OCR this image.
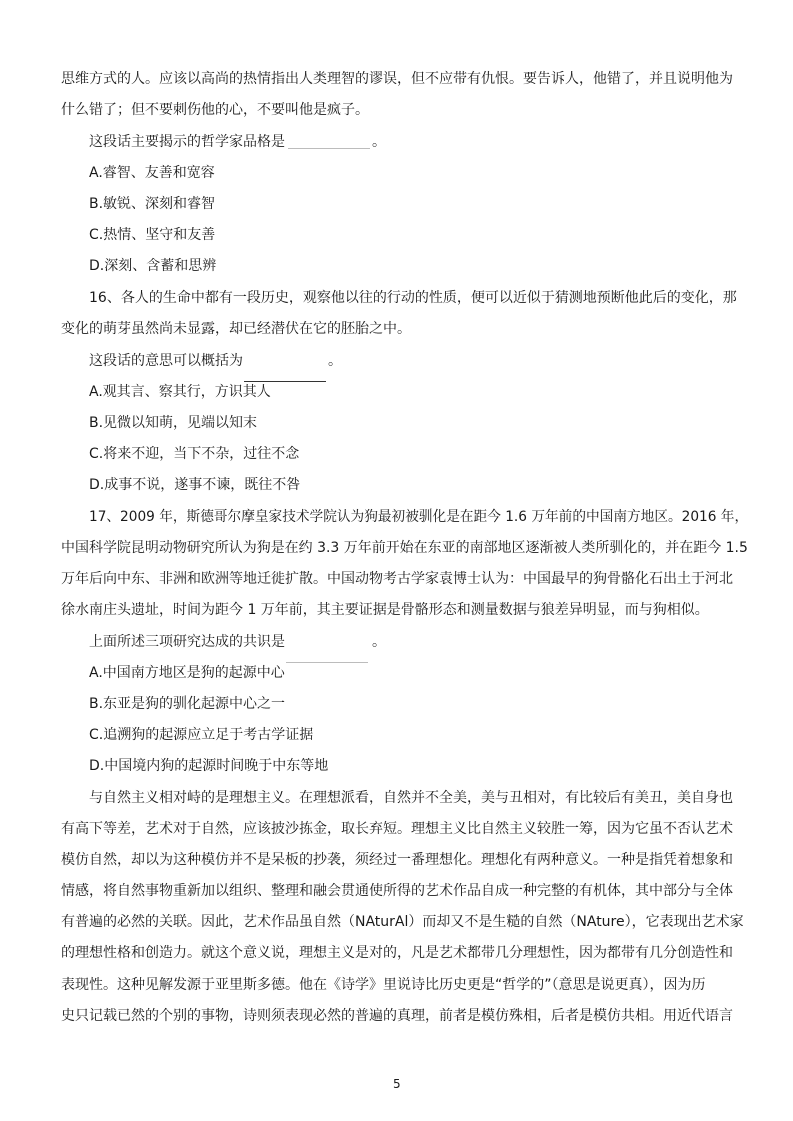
思维方式的人。应该以高尚的热情指出人类理智的谬误，但不应带有仇恨。要告诉人，他错了，并且说明他为
什么错了；但不要刺伤他的心，不要叫他是疯子。
这段话主要揭示的哲学家品格是	。
A.睿智、友善和宽容
B.敏锐、深刻和睿智
C.热情、坚守和友善
D.深刻、含蓄和思辨
16、各人的生命中都有一段历史，观察他以往的行动的性质，便可以近似于猜测地预断他此后的变化，那
变化的萌芽虽然尚未显露，却已经潜伏在它的胚胎之中。
这段话的意思可以概括为	。
A.观其言、察其行，方识其人
B.见微以知萌，见端以知末
C.将来不迎，当下不杂，过往不念
D.成事不说，遂事不谏，既往不咎
17、2009 年，斯德哥尔摩皇家技术学院认为狗最初被驯化是在距今 1.6 万年前的中国南方地区。2016 年，
中国科学院昆明动物研究所认为狗是在约 3.3 万年前开始在东亚的南部地区逐渐被人类所驯化的，并在距今 1.5
万年后向中东、非洲和欧洲等地迁徙扩散。中国动物考古学家袁博士认为：中国最早的狗骨骼化石出土于河北
徐水南庄头遗址，时间为距今 1 万年前，其主要证据是骨骼形态和测量数据与狼差异明显，而与狗相似。
上面所述三项研究达成的共识是	。
A.中国南方地区是狗的起源中心
B.东亚是狗的驯化起源中心之一
C.追溯狗的起源应立足于考古学证据
D.中国境内狗的起源时间晚于中东等地
与自然主义相对峙的是理想主义。在理想派看，自然并不全美，美与丑相对，有比较后有美丑，美自身也
有高下等差，艺术对于自然，应该披沙拣金，取长弃短。理想主义比自然主义较胜一筹，因为它虽不否认艺术
模仿自然，却以为这种模仿并不是呆板的抄袭，须经过一番理想化。理想化有两种意义。一种是指凭着想象和
情感，将自然事物重新加以组织、整理和融会贯通使所得的艺术作品自成一种完整的有机体，其中部分与全体
有普遍的必然的关联。因此，艺术作品虽自然（NAturAl）而却又不是生糙的自然（NAture），它表现出艺术家
的理想性格和创造力。就这个意义说，理想主义是对的，凡是艺术都带几分理想性，因为都带有几分创造性和
表现性。这种见解发源于亚里斯多德。他在《诗学》里说诗比历史更是“哲学的”（意思是说更真），因为历
史只记载已然的个别的事物，诗则须表现必然的普遍的真理，前者是模仿殊相，后者是模仿共相。用近代语言
5
